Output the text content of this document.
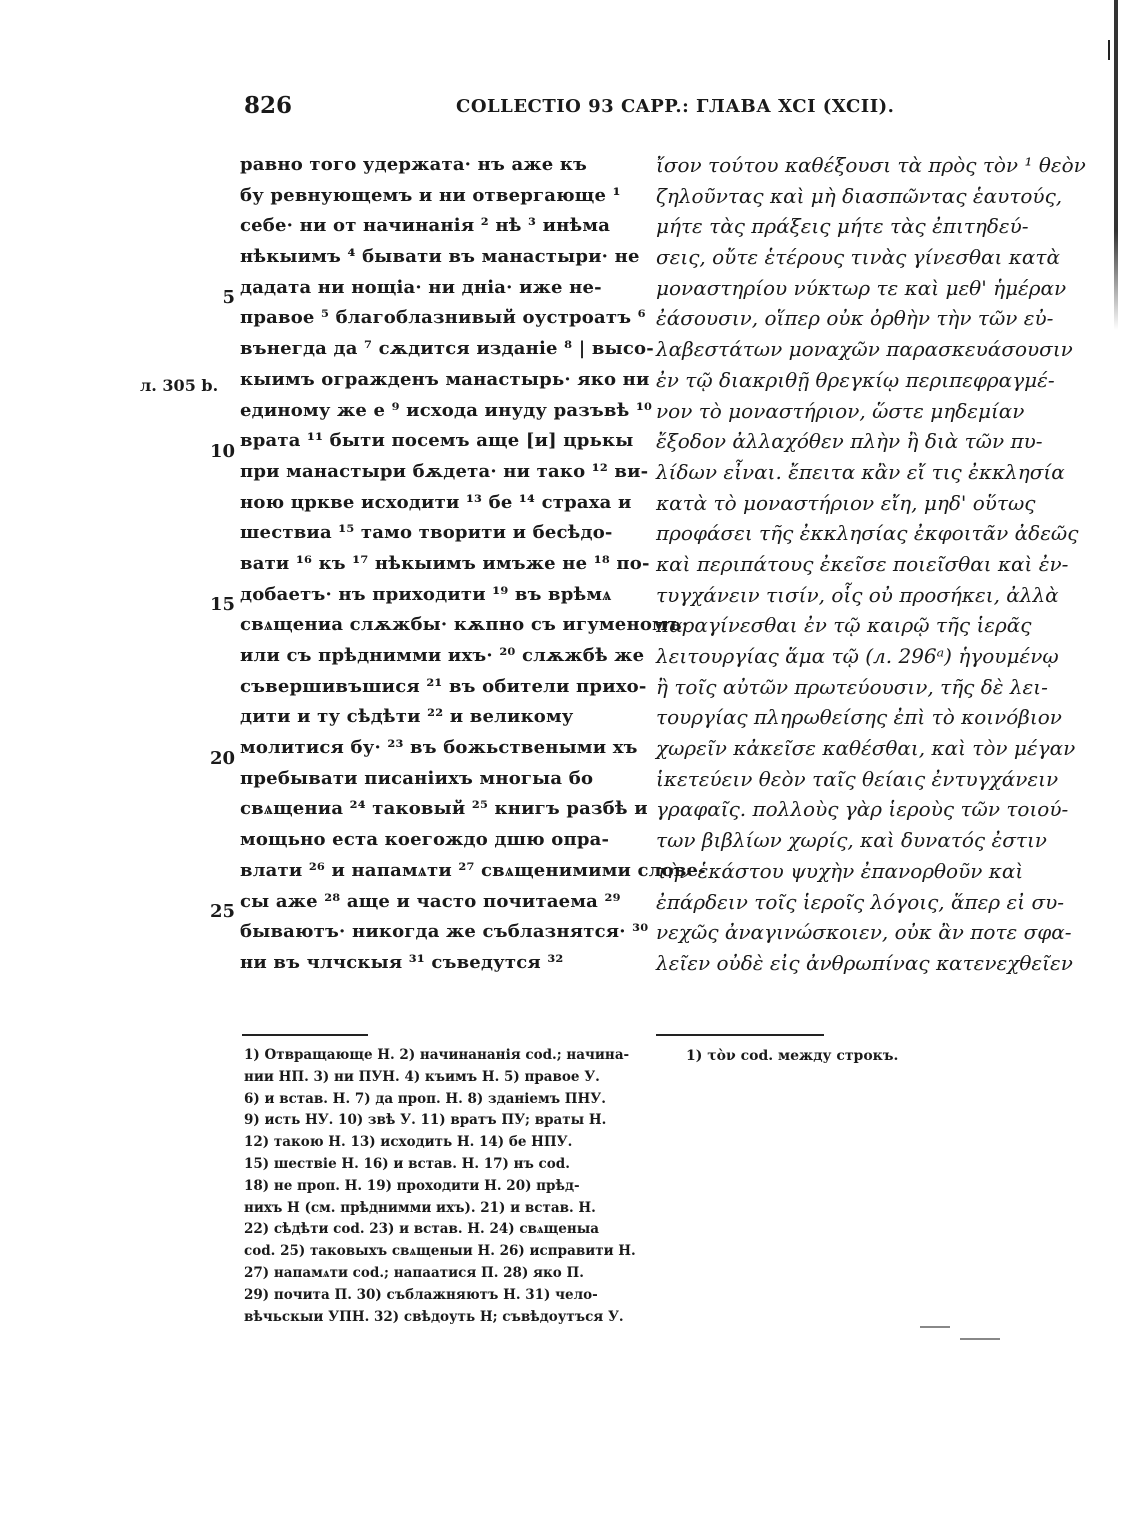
826	COLLECTIO 93 CAPP.: ГЛАВА XCI (XCII).
л. 305 b.
5
10
15
20
25
равно того удержата· нъ аже къ
бу ревнующемъ и ни отвергающе ¹
себе· ни от начинанія ² нѣ ³ инѣма
нѣкыимъ ⁴ бывати въ манастыри· не
дадата ни нощіа· ни дніа· иже не-
правое ⁵ благоблазнивый оустроатъ ⁶
вънегда да ⁷ сѫдится изданіе ⁸ | высо-
кыимъ огражденъ манастырь· яко ни
единому же е ⁹ исхода инуду разъвѣ ¹⁰
врата ¹¹ быти посемъ аще [и] црькы
при манастыри бѫдета· ни тако ¹² ви-
ною цркве исходити ¹³ бе ¹⁴ страха и
шествиа ¹⁵ тамо творити и бесѣдо-
вати ¹⁶ къ ¹⁷ нѣкыимъ имъже не ¹⁸ по-
добаетъ· нъ приходити ¹⁹ въ врѣмѧ
свѧщениа слѫжбы· кѫпно съ игуменомъ·
или съ прѣднимми ихъ· ²⁰ слѫжбѣ же
съвершивъшися ²¹ въ обители прихо-
дити и ту сѣдѣти ²² и великому
молитися бу· ²³ въ божьствеными хъ
пребывати писаніихъ многыа бо
свѧщениа ²⁴ таковый ²⁵ книгъ разбѣ и
мощьно еста коегождо дшю опра-
влати ²⁶ и напамѧти ²⁷ свѧщенимими слове-
сы аже ²⁸ аще и часто почитаема ²⁹
бываютъ· никогда же съблазнятся· ³⁰
ни въ члчскыя ³¹ съведутся ³²
ἴσον τούτου καθέξουσι τὰ πρὸς τὸν ¹ θεὸν
ζηλοῦντας καὶ μὴ διασπῶντας ἑαυτούς,
μήτε τὰς πράξεις μήτε τὰς ἐπιτηδεύ-
σεις, οὔτε ἑτέρους τινὰς γίνεσθαι κατὰ
μοναστηρίου νύκτωρ τε καὶ μεθ' ἡμέραν
ἐάσουσιν, οἵπερ οὐκ ὀρθὴν τὴν τῶν εὐ-
λαβεστάτων μοναχῶν παρασκευάσουσιν
ἐν τῷ διακριθῇ θρεγκίῳ περιπεφραγμέ-
νον τὸ μοναστήριον, ὥστε μηδεμίαν
ἔξοδον ἀλλαχόθεν πλὴν ἢ διὰ τῶν πυ-
λίδων εἶναι. ἔπειτα κἂν εἴ τις ἐκκλησία
κατὰ τὸ μοναστήριον εἴη, μηδ' οὕτως
προφάσει τῆς ἐκκλησίας ἐκφοιτᾶν ἀδεῶς
καὶ περιπάτους ἐκεῖσε ποιεῖσθαι καὶ ἐν-
τυγχάνειν τισίν, οἷς οὐ προσήκει, ἀλλὰ
παραγίνεσθαι ἐν τῷ καιρῷ τῆς ἱερᾶς
λειτουργίας ἅμα τῷ (л. 296ᵃ) ἡγουμένῳ
ἢ τοῖς αὐτῶν πρωτεύουσιν, τῆς δὲ λει-
τουργίας πληρωθείσης ἐπὶ τὸ κοινόβιον
χωρεῖν κἀκεῖσε καθέσθαι, καὶ τὸν μέγαν
ἱκετεύειν θεὸν ταῖς θείαις ἐντυγχάνειν
γραφαῖς. πολλοὺς γὰρ ἱεροὺς τῶν τοιού-
των βιβλίων χωρίς, καὶ δυνατός ἐστιν
τὴν ἑκάστου ψυχὴν ἐπανορθοῦν καὶ
ἐπάρδειν τοῖς ἱεροῖς λόγοις, ἅπερ εἰ συ-
νεχῶς ἀναγινώσκοιεν, οὐκ ἂν ποτε σφα-
λεῖεν οὐδὲ εἰς ἀνθρωπίνας κατενεχθεῖεν
1) Отвращающе Н. 2) начинананія cod.; начина-
нии НП. 3) ни ПУН. 4) къимъ Н. 5) правое У.
6) и встав. Н. 7) да проп. Н. 8) зданіемъ ПНУ.
9) исть НУ. 10) звѣ У. 11) вратъ ПУ; враты Н.
12) такою Н. 13) исходить Н. 14) бе НПУ.
15) шествіе Н. 16) и встав. Н. 17) нъ cod.
18) не проп. Н. 19) проходити Н. 20) прѣд-
нихъ Н (см. прѣднимми ихъ). 21) и встав. Н.
22) сѣдѣти cod. 23) и встав. Н. 24) свѧщеныа
cod. 25) таковыхъ свѧщеныи Н. 26) исправити Н.
27) напамѧти cod.; напаатися П. 28) яко П.
29) почита П. 30) съблажняютъ Н. 31) чело-
вѣчьскыи УПН. 32) свѣдоуть Н; съвѣдоутъся У.
1) τὸν cod. между строкъ.
